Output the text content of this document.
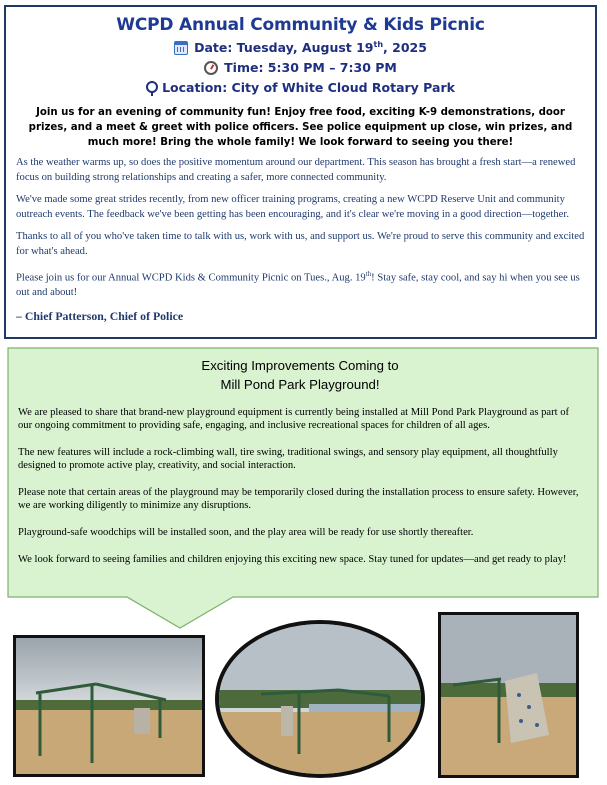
WCPD Annual Community & Kids Picnic
Date: Tuesday, August 19th, 2025
Time: 5:30 PM – 7:30 PM
Location: City of White Cloud Rotary Park

Join us for an evening of community fun! Enjoy free food, exciting K-9 demonstrations, door prizes, and a meet & greet with police officers. See police equipment up close, win prizes, and much more! Bring the whole family! We look forward to seeing you there!

As the weather warms up, so does the positive momentum around our department. This season has brought a fresh start—a renewed focus on building strong relationships and creating a safer, more connected community.

We've made some great strides recently, from new officer training programs, creating a new WCPD Reserve Unit and community outreach events. The feedback we've been getting has been encouraging, and it's clear we're moving in a good direction—together.

Thanks to all of you who've taken time to talk with us, work with us, and support us. We're proud to serve this community and excited for what's ahead.

Please join us for our Annual WCPD Kids & Community Picnic on Tues., Aug. 19th! Stay safe, stay cool, and say hi when you see us out and about!

– Chief Patterson, Chief of Police
Exciting Improvements Coming to
Mill Pond Park Playground!

We are pleased to share that brand-new playground equipment is currently being installed at Mill Pond Park Playground as part of our ongoing commitment to providing safe, engaging, and inclusive recreational spaces for children of all ages.

The new features will include a rock-climbing wall, tire swing, traditional swings, and sensory play equipment, all thoughtfully designed to promote active play, creativity, and social interaction.

Please note that certain areas of the playground may be temporarily closed during the installation process to ensure safety. However, we are working diligently to minimize any disruptions.

Playground-safe woodchips will be installed soon, and the play area will be ready for use shortly thereafter.

We look forward to seeing families and children enjoying this exciting new space. Stay tuned for updates—and get ready to play!
